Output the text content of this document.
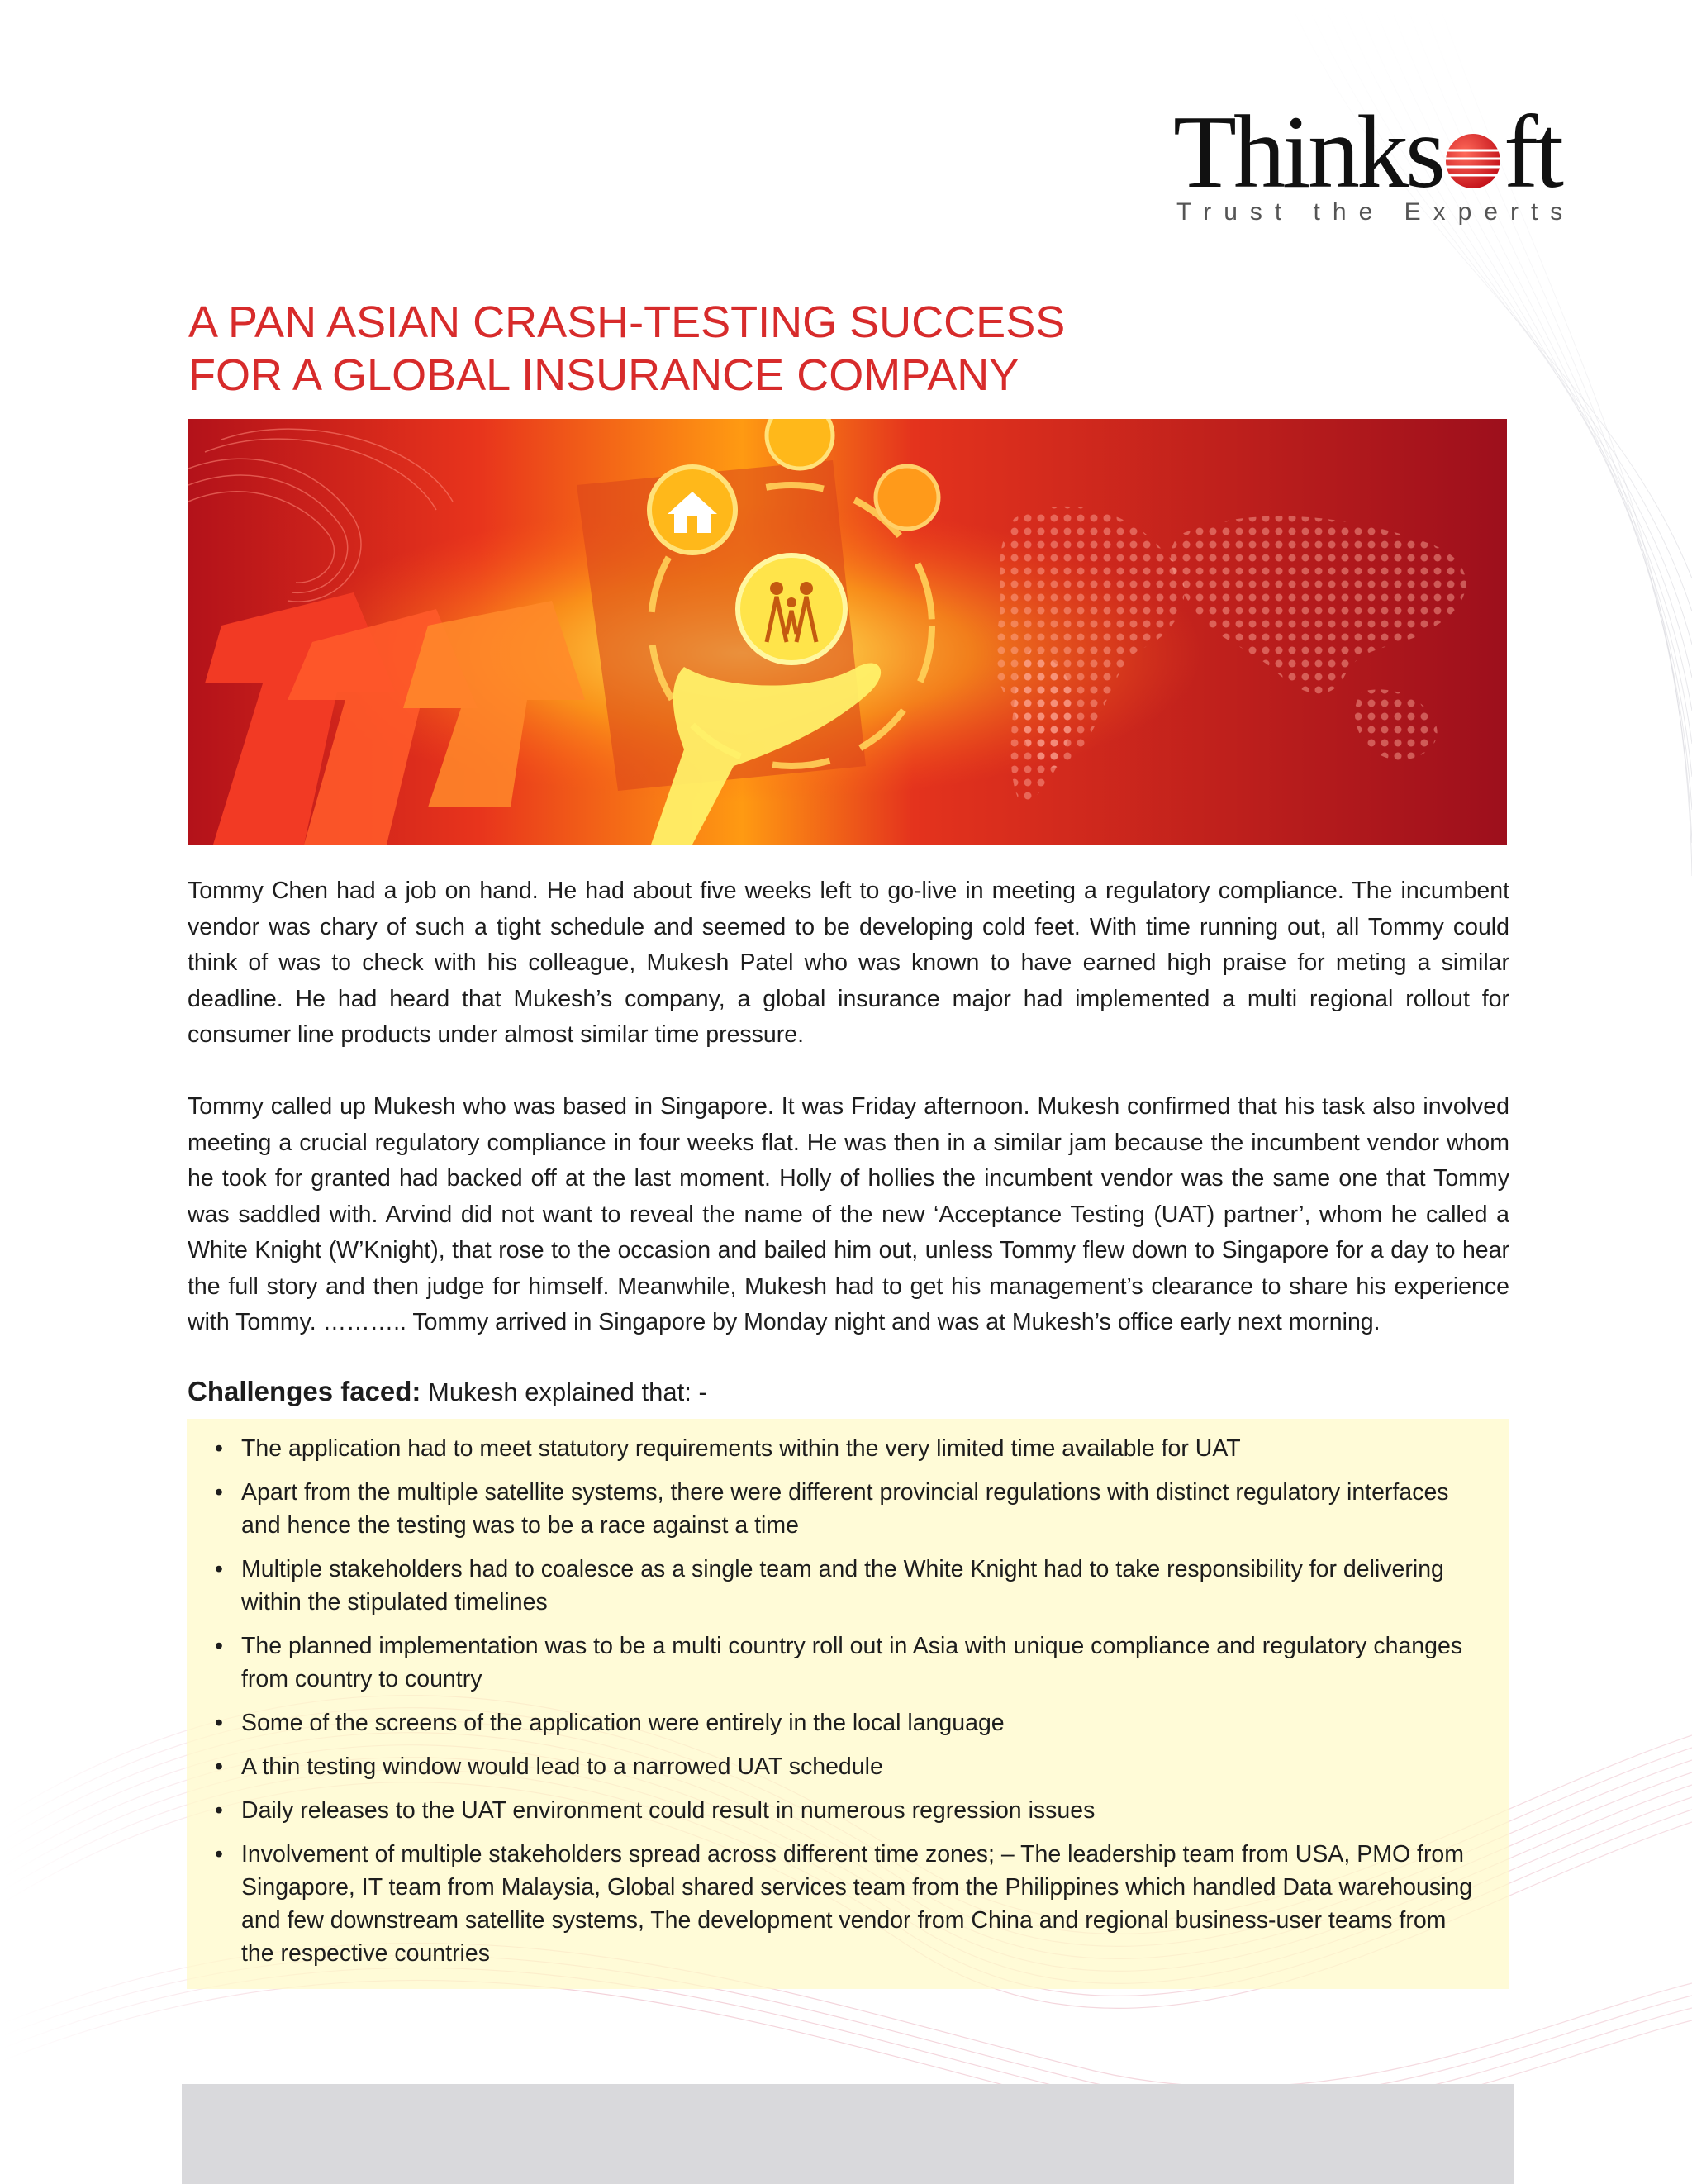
Thinks ft
Trust the Experts
A PAN ASIAN CRASH-TESTING SUCCESS
FOR A GLOBAL INSURANCE COMPANY

Tommy Chen had a job on hand. He had about five weeks left to go-live in meeting a regulatory compliance. The incumbent vendor was chary of such a tight schedule and seemed to be developing cold feet. With time running out, all Tommy could think of was to check with his colleague, Mukesh Patel who was known to have earned high praise for meting a similar deadline. He had heard that Mukesh’s company, a global insurance major had implemented a multi regional rollout for consumer line products under almost similar time pressure.

Tommy called up Mukesh who was based in Singapore. It was Friday afternoon. Mukesh confirmed that his task also involved meeting a crucial regulatory compliance in four weeks flat. He was then in a similar jam because the incumbent vendor whom he took for granted had backed off at the last moment. Holly of hollies the incumbent vendor was the same one that Tommy was saddled with. Arvind did not want to reveal the name of the new ‘Acceptance Testing (UAT) partner’, whom he called a White Knight (W’Knight), that rose to the occasion and bailed him out, unless Tommy flew down to Singapore for a day to hear the full story and then judge for himself. Meanwhile, Mukesh had to get his management’s clearance to share his experience with Tommy. ……….. Tommy arrived in Singapore by Monday night and was at Mukesh’s office early next morning.

Challenges faced: Mukesh explained that: -
• The application had to meet statutory requirements within the very limited time available for UAT
• Apart from the multiple satellite systems, there were different provincial regulations with distinct regulatory interfaces and hence the testing was to be a race against a time
• Multiple stakeholders had to coalesce as a single team and the White Knight had to take responsibility for delivering within the stipulated timelines
• The planned implementation was to be a multi country roll out in Asia with unique compliance and regulatory changes from country to country
• Some of the screens of the application were entirely in the local language
• A thin testing window would lead to a narrowed UAT schedule
• Daily releases to the UAT environment could result in numerous regression issues
• Involvement of multiple stakeholders spread across different time zones; – The leadership team from USA, PMO from Singapore, IT team from Malaysia, Global shared services team from the Philippines which handled Data warehousing and few downstream satellite systems, The development vendor from China and regional business-user teams from the respective countries
